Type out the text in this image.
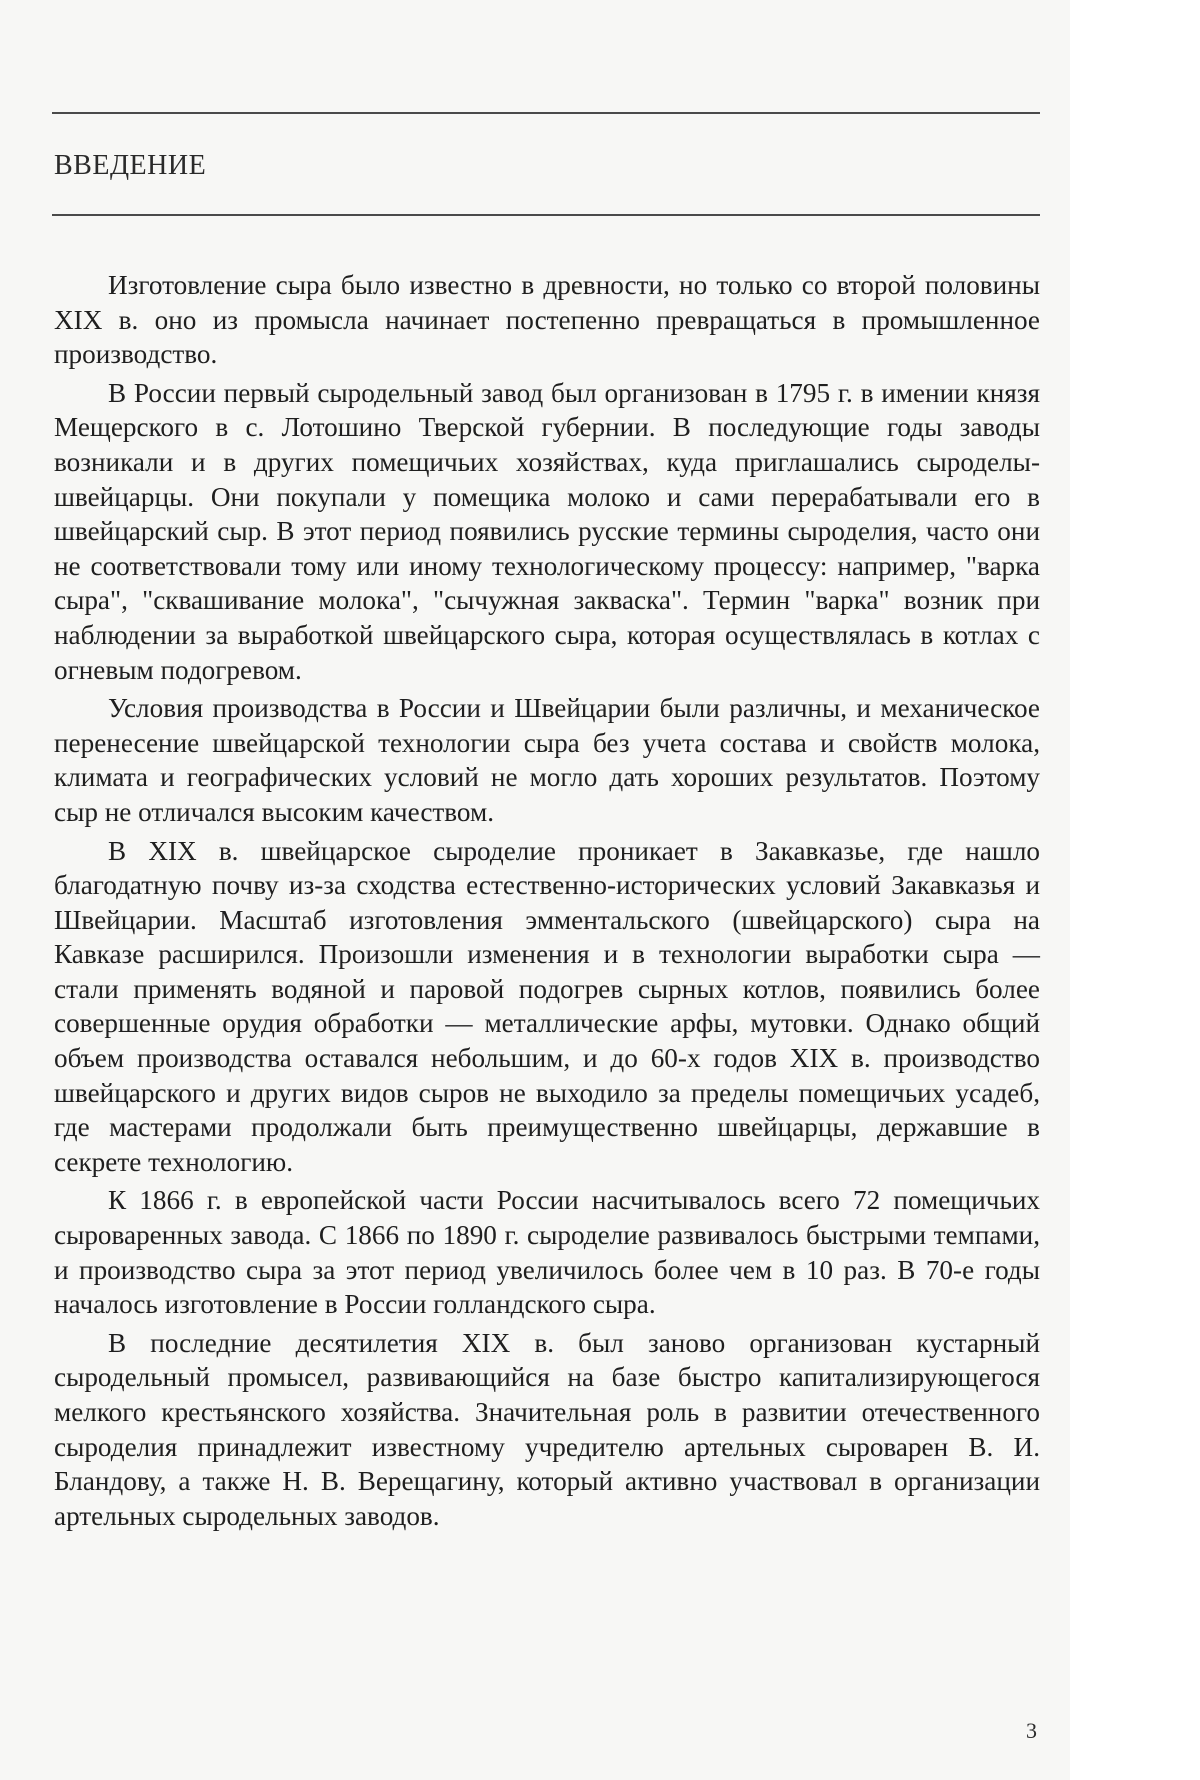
ВВЕДЕНИЕ

Изготовление сыра было известно в древности, но только со второй половины XIX в. оно из промысла начинает постепенно превращаться в промышленное производство.

В России первый сыродельный завод был организован в 1795 г. в имении князя Мещерского в с. Лотошино Тверской губернии. В последующие годы заводы возникали и в других помещичьих хозяйствах, куда приглашались сыроделы-швейцарцы. Они покупали у помещика молоко и сами перерабатывали его в швейцарский сыр. В этот период появились русские термины сыроделия, часто они не соответствовали тому или иному технологическому процессу: например, "варка сыра", "сквашивание молока", "сычужная закваска". Термин "варка" возник при наблюдении за выработкой швейцарского сыра, которая осуществлялась в котлах с огневым подогревом.

Условия производства в России и Швейцарии были различны, и механическое перенесение швейцарской технологии сыра без учета состава и свойств молока, климата и географических условий не могло дать хороших результатов. Поэтому сыр не отличался высоким качеством.

В XIX в. швейцарское сыроделие проникает в Закавказье, где нашло благодатную почву из-за сходства естественно-исторических условий Закавказья и Швейцарии. Масштаб изготовления эмментальского (швейцарского) сыра на Кавказе расширился. Произошли изменения и в технологии выработки сыра — стали применять водяной и паровой подогрев сырных котлов, появились более совершенные орудия обработки — металлические арфы, мутовки. Однако общий объем производства оставался небольшим, и до 60-х годов XIX в. производство швейцарского и других видов сыров не выходило за пределы помещичьих усадеб, где мастерами продолжали быть преимущественно швейцарцы, державшие в секрете технологию.

К 1866 г. в европейской части России насчитывалось всего 72 помещичьих сыроваренных завода. С 1866 по 1890 г. сыроделие развивалось быстрыми темпами, и производство сыра за этот период увеличилось более чем в 10 раз. В 70-е годы началось изготовление в России голландского сыра.

В последние десятилетия XIX в. был заново организован кустарный сыродельный промысел, развивающийся на базе быстро капитализирующегося мелкого крестьянского хозяйства. Значительная роль в развитии отечественного сыроделия принадлежит известному учредителю артельных сыроварен В. И. Бландову, а также Н. В. Верещагину, который активно участвовал в организации артельных сыродельных заводов.

3
